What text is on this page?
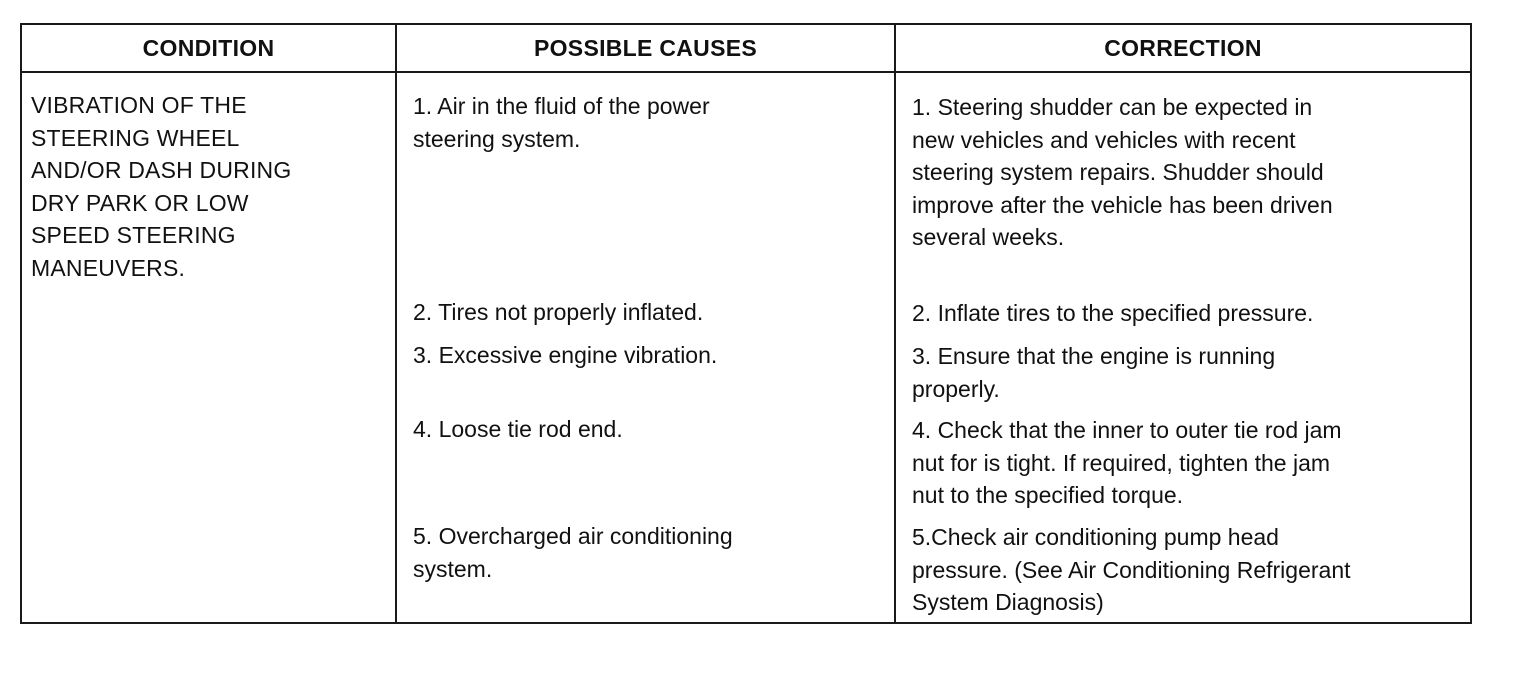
CONDITION	POSSIBLE CAUSES	CORRECTION
VIBRATION OF THE
STEERING WHEEL
AND/OR DASH DURING
DRY PARK OR LOW
SPEED STEERING
MANEUVERS.
1. Air in the fluid of the power
steering system.
2. Tires not properly inflated.
3. Excessive engine vibration.
4. Loose tie rod end.
5. Overcharged air conditioning
system.
1. Steering shudder can be expected in
new vehicles and vehicles with recent
steering system repairs. Shudder should
improve after the vehicle has been driven
several weeks.
2. Inflate tires to the specified pressure.
3. Ensure that the engine is running
properly.
4. Check that the inner to outer tie rod jam
nut for is tight. If required, tighten the jam
nut to the specified torque.
5.Check air conditioning pump head
pressure. (See Air Conditioning Refrigerant
System Diagnosis)
